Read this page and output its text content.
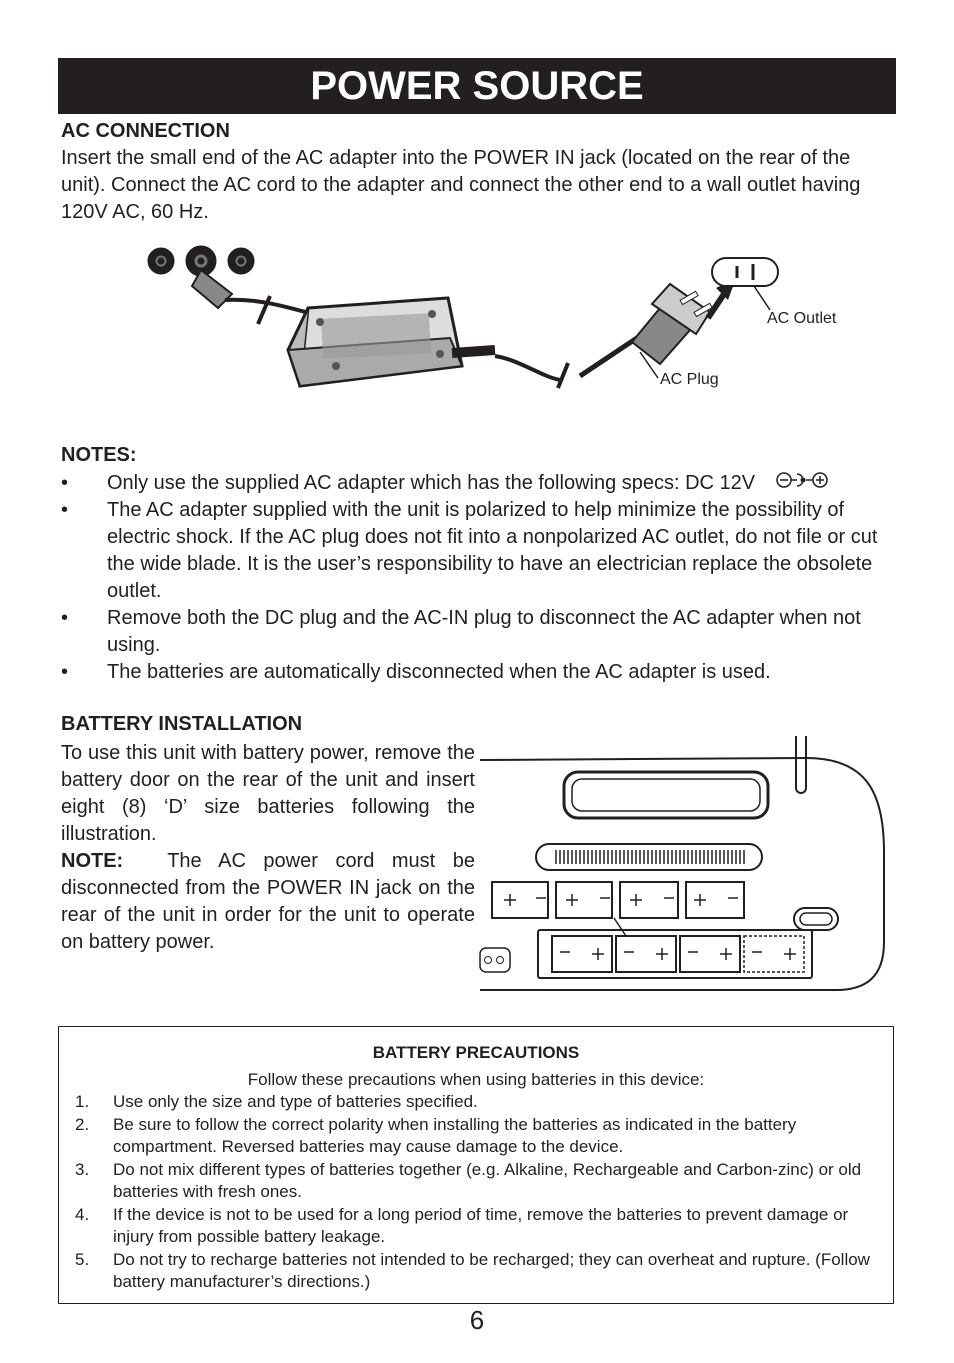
POWER SOURCE
AC CONNECTION
Insert the small end of the AC adapter into the POWER IN jack (located on the rear of the unit). Connect the AC cord to the adapter and connect the other end to a wall outlet having 120V AC, 60 Hz.
AC Outlet
AC Plug
NOTES:
• Only use the supplied AC adapter which has the following specs: DC 12V
• The AC adapter supplied with the unit is polarized to help minimize the possibility of electric shock. If the AC plug does not fit into a nonpolarized AC outlet, do not file or cut the wide blade. It is the user’s responsibility to have an electrician replace the obsolete outlet.
• Remove both the DC plug and the AC-IN plug to disconnect the AC adapter when not using.
• The batteries are automatically disconnected when the AC adapter is used.
BATTERY INSTALLATION
To use this unit with battery power, remove the battery door on the rear of the unit and insert eight (8) ‘D’ size batteries following the illustration.
NOTE: The AC power cord must be disconnected from the POWER IN jack on the rear of the unit in order for the unit to operate on battery power.
BATTERY PRECAUTIONS
Follow these precautions when using batteries in this device:
1. Use only the size and type of batteries specified.
2. Be sure to follow the correct polarity when installing the batteries as indicated in the battery compartment. Reversed batteries may cause damage to the device.
3. Do not mix different types of batteries together (e.g. Alkaline, Rechargeable and Carbon-zinc) or old batteries with fresh ones.
4. If the device is not to be used for a long period of time, remove the batteries to prevent damage or injury from possible battery leakage.
5. Do not try to recharge batteries not intended to be recharged; they can overheat and rupture. (Follow battery manufacturer’s directions.)
6
